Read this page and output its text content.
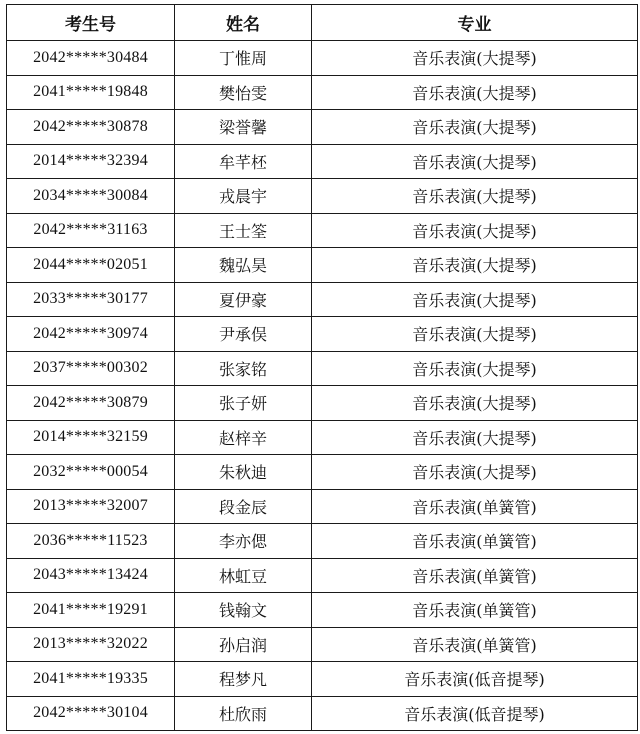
考生号	姓名	专业
2042*****30484	丁惟周	音乐表演(大提琴)
2041*****19848	樊怡雯	音乐表演(大提琴)
2042*****30878	梁誉馨	音乐表演(大提琴)
2014*****32394	牟芊柸	音乐表演(大提琴)
2034*****30084	戎晨宇	音乐表演(大提琴)
2042*****31163	王士筌	音乐表演(大提琴)
2044*****02051	魏弘昊	音乐表演(大提琴)
2033*****30177	夏伊豪	音乐表演(大提琴)
2042*****30974	尹承俣	音乐表演(大提琴)
2037*****00302	张家铭	音乐表演(大提琴)
2042*****30879	张子妍	音乐表演(大提琴)
2014*****32159	赵梓辛	音乐表演(大提琴)
2032*****00054	朱秋迪	音乐表演(大提琴)
2013*****32007	段金辰	音乐表演(单簧管)
2036*****11523	李亦偲	音乐表演(单簧管)
2043*****13424	林虹豆	音乐表演(单簧管)
2041*****19291	钱翰文	音乐表演(单簧管)
2013*****32022	孙启润	音乐表演(单簧管)
2041*****19335	程梦凡	音乐表演(低音提琴)
2042*****30104	杜欣雨	音乐表演(低音提琴)
